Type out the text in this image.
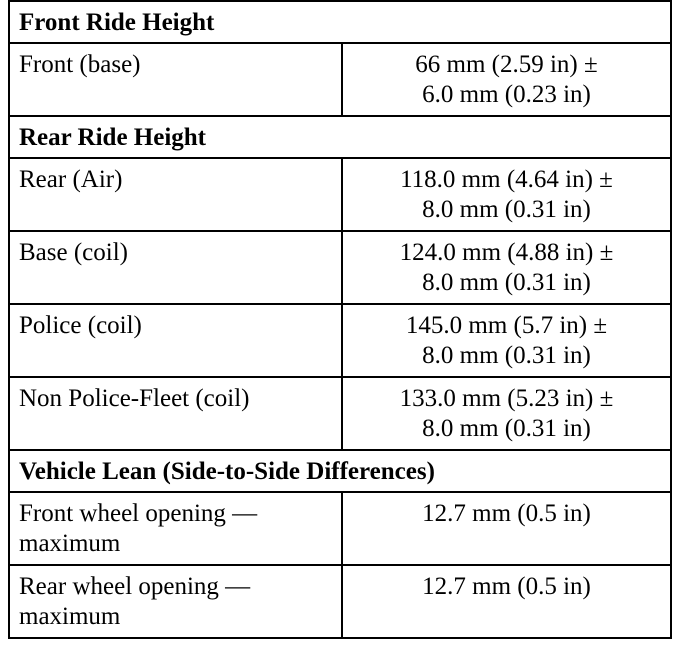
Front Ride Height	

Front (base)	66 mm (2.59 in) ±
6.0 mm (0.23 in)

Rear Ride Height	

Rear (Air)	118.0 mm (4.64 in) ±
8.0 mm (0.31 in)

Base (coil)	124.0 mm (4.88 in) ±
8.0 mm (0.31 in)

Police (coil)	145.0 mm (5.7 in) ±
8.0 mm (0.31 in)

Non Police-Fleet (coil)	133.0 mm (5.23 in) ±
8.0 mm (0.31 in)

Vehicle Lean (Side-to-Side Differences)	

Front wheel opening —
maximum	12.7 mm (0.5 in)

Rear wheel opening —
maximum	12.7 mm (0.5 in)
